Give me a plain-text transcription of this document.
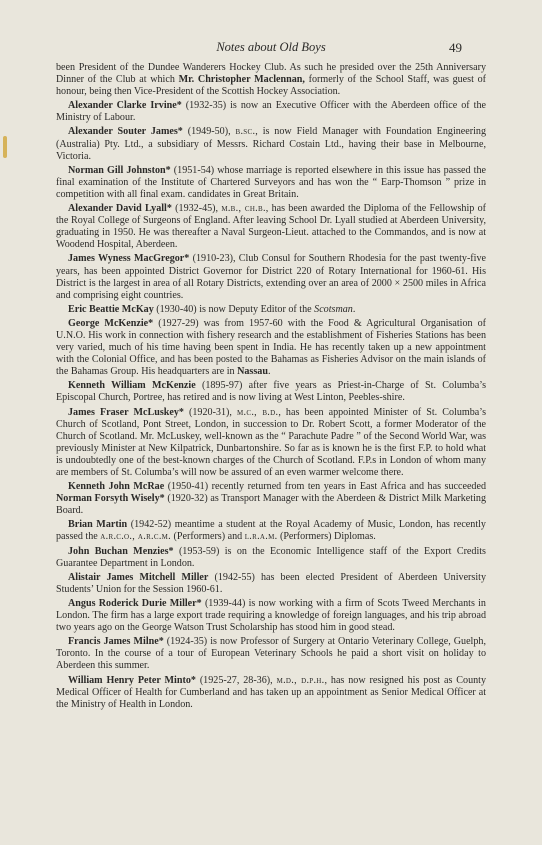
Notes about Old Boys	49

been President of the Dundee Wanderers Hockey Club. As such he presided over the 25th Anniversary Dinner of the Club at which Mr. Christopher Maclennan, formerly of the School Staff, was guest of honour, being then Vice-President of the Scottish Hockey Association.

Alexander Clarke Irvine* (1932-35) is now an Executive Officer with the Aberdeen office of the Ministry of Labour.

Alexander Souter James* (1949-50), b.sc., is now Field Manager with Foundation Engineering (Australia) Pty. Ltd., a subsidiary of Messrs. Richard Costain Ltd., having their base in Melbourne, Victoria.

Norman Gill Johnston* (1951-54) whose marriage is reported elsewhere in this issue has passed the final examination of the Institute of Chartered Surveyors and has won the “ Earp-Thomson ” prize in competition with all final exam. candidates in Great Britain.

Alexander David Lyall* (1932-45), m.b., ch.b., has been awarded the Diploma of the Fellowship of the Royal College of Surgeons of England. After leaving School Dr. Lyall studied at Aberdeen University, graduating in 1950. He was thereafter a Naval Surgeon-Lieut. attached to the Commandos, and is now at Woodend Hospital, Aberdeen.

James Wyness MacGregor* (1910-23), Club Consul for Southern Rhodesia for the past twenty-five years, has been appointed District Governor for District 220 of Rotary International for 1960-61. His District is the largest in area of all Rotary Districts, extending over an area of 2000 × 2500 miles in Africa and comprising eight countries.

Eric Beattie McKay (1930-40) is now Deputy Editor of the Scotsman.

George McKenzie* (1927-29) was from 1957-60 with the Food & Agricultural Organisation of U.N.O. His work in connection with fishery research and the establishment of Fisheries Stations has been very varied, much of his time having been spent in India. He has recently taken up a new appointment with the Colonial Office, and has been posted to the Bahamas as Fisheries Advisor on the main islands of the Bahamas Group. His headquarters are in Nassau.

Kenneth William McKenzie (1895-97) after five years as Priest-in-Charge of St. Columba’s Episcopal Church, Portree, has retired and is now living at West Linton, Peebles-shire.

James Fraser McLuskey* (1920-31), m.c., b.d., has been appointed Minister of St. Columba’s Church of Scotland, Pont Street, London, in succession to Dr. Robert Scott, a former Moderator of the Church of Scotland. Mr. McLuskey, well-known as the “ Parachute Padre ” of the Second World War, was previously Minister at New Kilpatrick, Dunbartonshire. So far as is known he is the first F.P. to hold what is undoubtedly one of the best-known charges of the Church of Scotland. F.P.s in London of whom many are members of St. Columba’s will now be assured of an even warmer welcome there.

Kenneth John McRae (1950-41) recently returned from ten years in East Africa and has succeeded Norman Forsyth Wisely* (1920-32) as Transport Manager with the Aberdeen & District Milk Marketing Board.

Brian Martin (1942-52) meantime a student at the Royal Academy of Music, London, has recently passed the a.r.c.o., a.r.c.m. (Performers) and l.r.a.m. (Performers) Diplomas.

John Buchan Menzies* (1953-59) is on the Economic Intelligence staff of the Export Credits Guarantee Department in London.

Alistair James Mitchell Miller (1942-55) has been elected President of Aberdeen University Students’ Union for the Session 1960-61.

Angus Roderick Durie Miller* (1939-44) is now working with a firm of Scots Tweed Merchants in London. The firm has a large export trade requiring a knowledge of foreign languages, and his trip abroad two years ago on the George Watson Trust Scholarship has stood him in good stead.

Francis James Milne* (1924-35) is now Professor of Surgery at Ontario Veterinary College, Guelph, Toronto. In the course of a tour of European Veterinary Schools he paid a short visit on holiday to Aberdeen this summer.

William Henry Peter Minto* (1925-27, 28-36), m.d., d.p.h., has now resigned his post as County Medical Officer of Health for Cumberland and has taken up an appointment as Senior Medical Officer at the Ministry of Health in London.
